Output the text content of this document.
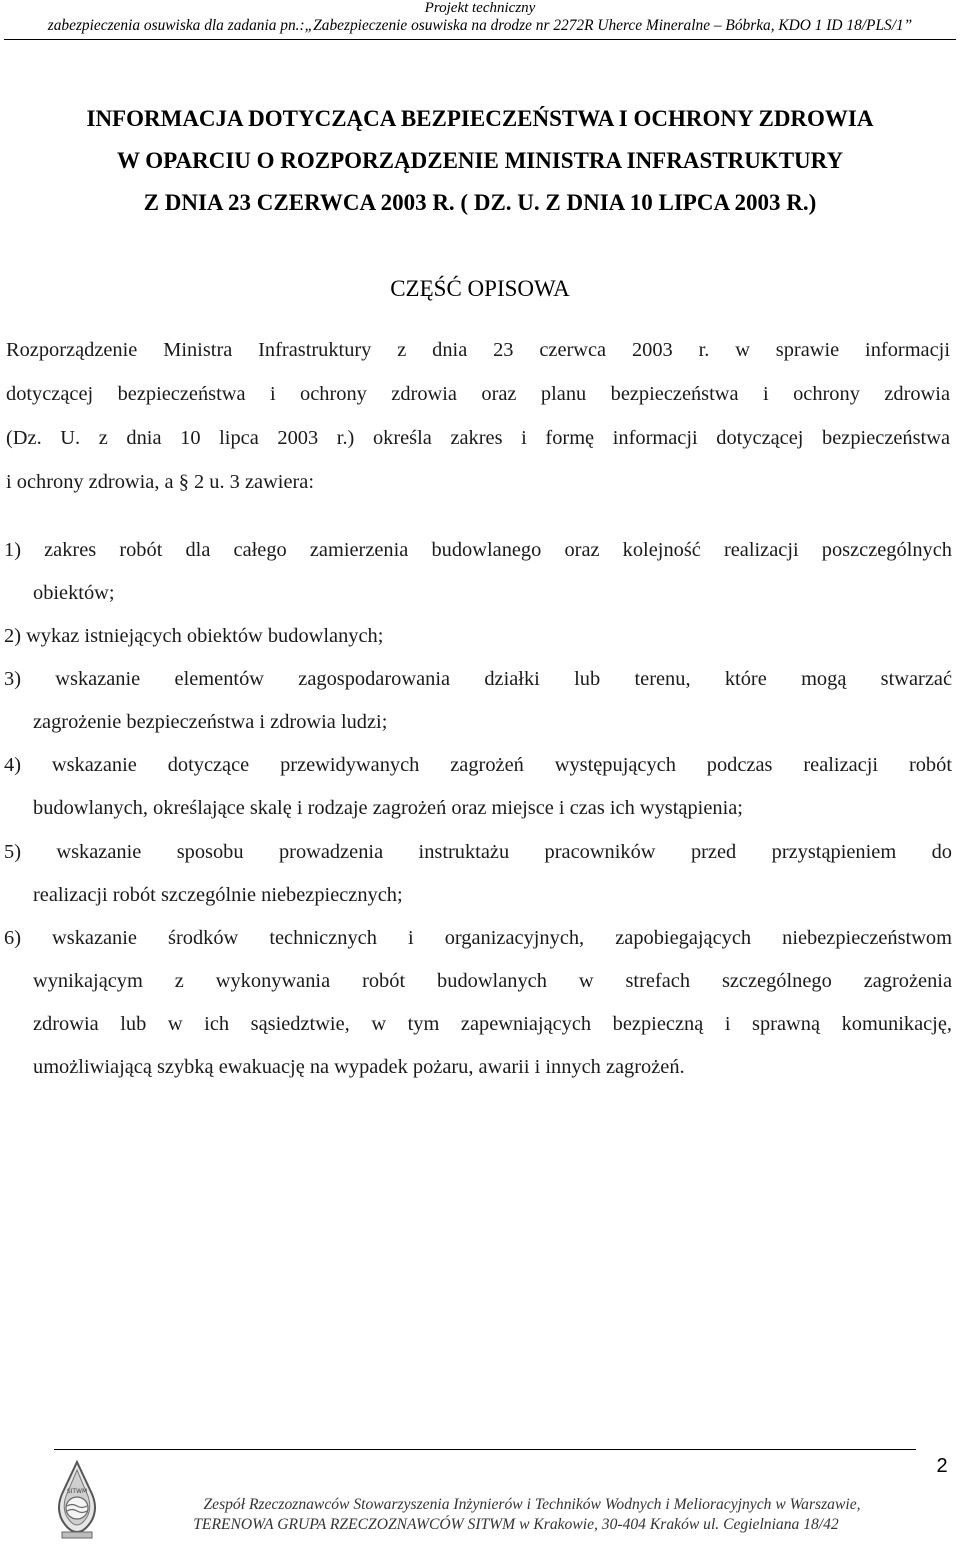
Projekt techniczny
zabezpieczenia osuwiska dla zadania pn.:„Zabezpieczenie osuwiska na drodze nr 2272R Uherce Mineralne – Bóbrka, KDO 1 ID 18/PLS/1”
INFORMACJA DOTYCZĄCA BEZPIECZEŃSTWA I OCHRONY ZDROWIA
W OPARCIU O ROZPORZĄDZENIE MINISTRA INFRASTRUKTURY
Z DNIA 23 CZERWCA 2003 R. ( DZ. U. Z DNIA 10 LIPCA 2003 R.)
CZĘŚĆ OPISOWA
Rozporządzenie Ministra Infrastruktury z dnia 23 czerwca 2003 r. w sprawie informacji
dotyczącej bezpieczeństwa i ochrony zdrowia oraz planu bezpieczeństwa i ochrony zdrowia
(Dz. U. z dnia 10 lipca 2003 r.) określa zakres i formę informacji dotyczącej bezpieczeństwa
i ochrony zdrowia, a § 2 u. 3 zawiera:
1) zakres robót dla całego zamierzenia budowlanego oraz kolejność realizacji poszczególnych
obiektów;
2) wykaz istniejących obiektów budowlanych;
3) wskazanie elementów zagospodarowania działki lub terenu, które mogą stwarzać
zagrożenie bezpieczeństwa i zdrowia ludzi;
4) wskazanie dotyczące przewidywanych zagrożeń występujących podczas realizacji robót
budowlanych, określające skalę i rodzaje zagrożeń oraz miejsce i czas ich wystąpienia;
5) wskazanie sposobu prowadzenia instruktażu pracowników przed przystąpieniem do
realizacji robót szczególnie niebezpiecznych;
6) wskazanie środków technicznych i organizacyjnych, zapobiegających niebezpieczeństwom
wynikającym z wykonywania robót budowlanych w strefach szczególnego zagrożenia
zdrowia lub w ich sąsiedztwie, w tym zapewniających bezpieczną i sprawną komunikację,
umożliwiającą szybką ewakuację na wypadek pożaru, awarii i innych zagrożeń.
2
SITWM
Zespół Rzeczoznawców Stowarzyszenia Inżynierów i Techników Wodnych i Melioracyjnych w Warszawie,
TERENOWA GRUPA RZECZOZNAWCÓW SITWM w Krakowie, 30-404 Kraków ul. Cegielniana 18/42
